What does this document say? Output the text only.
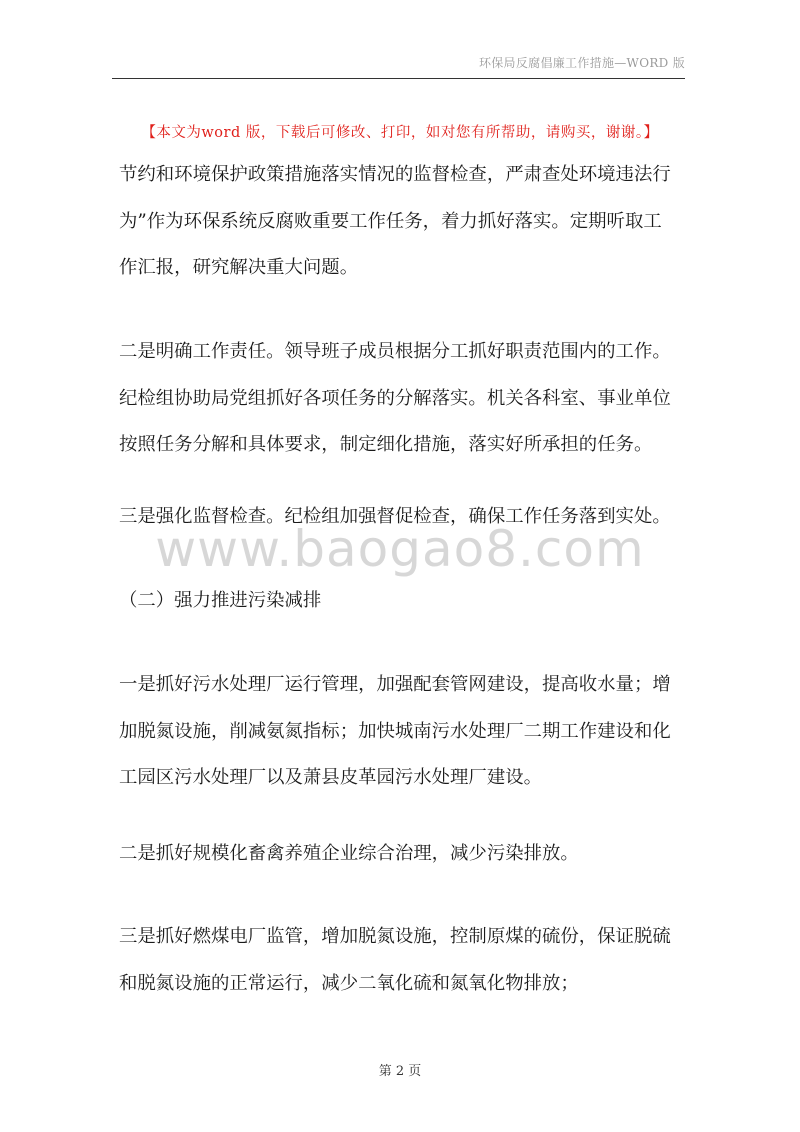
环保局反腐倡廉工作措施—WORD 版
【本文为word 版，下载后可修改、打印，如对您有所帮助，请购买，谢谢。】
www.baogao8.com
节约和环境保护政策措施落实情况的监督检查，严肃查处环境违法行
为”作为环保系统反腐败重要工作任务，着力抓好落实。定期听取工
作汇报，研究解决重大问题。
二是明确工作责任。领导班子成员根据分工抓好职责范围内的工作。
纪检组协助局党组抓好各项任务的分解落实。机关各科室、事业单位
按照任务分解和具体要求，制定细化措施，落实好所承担的任务。
三是强化监督检查。纪检组加强督促检查，确保工作任务落到实处。
（二）强力推进污染减排
一是抓好污水处理厂运行管理，加强配套管网建设，提高收水量；增
加脱氮设施，削减氨氮指标；加快城南污水处理厂二期工作建设和化
工园区污水处理厂以及萧县皮革园污水处理厂建设。
二是抓好规模化畜禽养殖企业综合治理，减少污染排放。
三是抓好燃煤电厂监管，增加脱氮设施，控制原煤的硫份，保证脱硫
和脱氮设施的正常运行，减少二氧化硫和氮氧化物排放；
第 2 页
